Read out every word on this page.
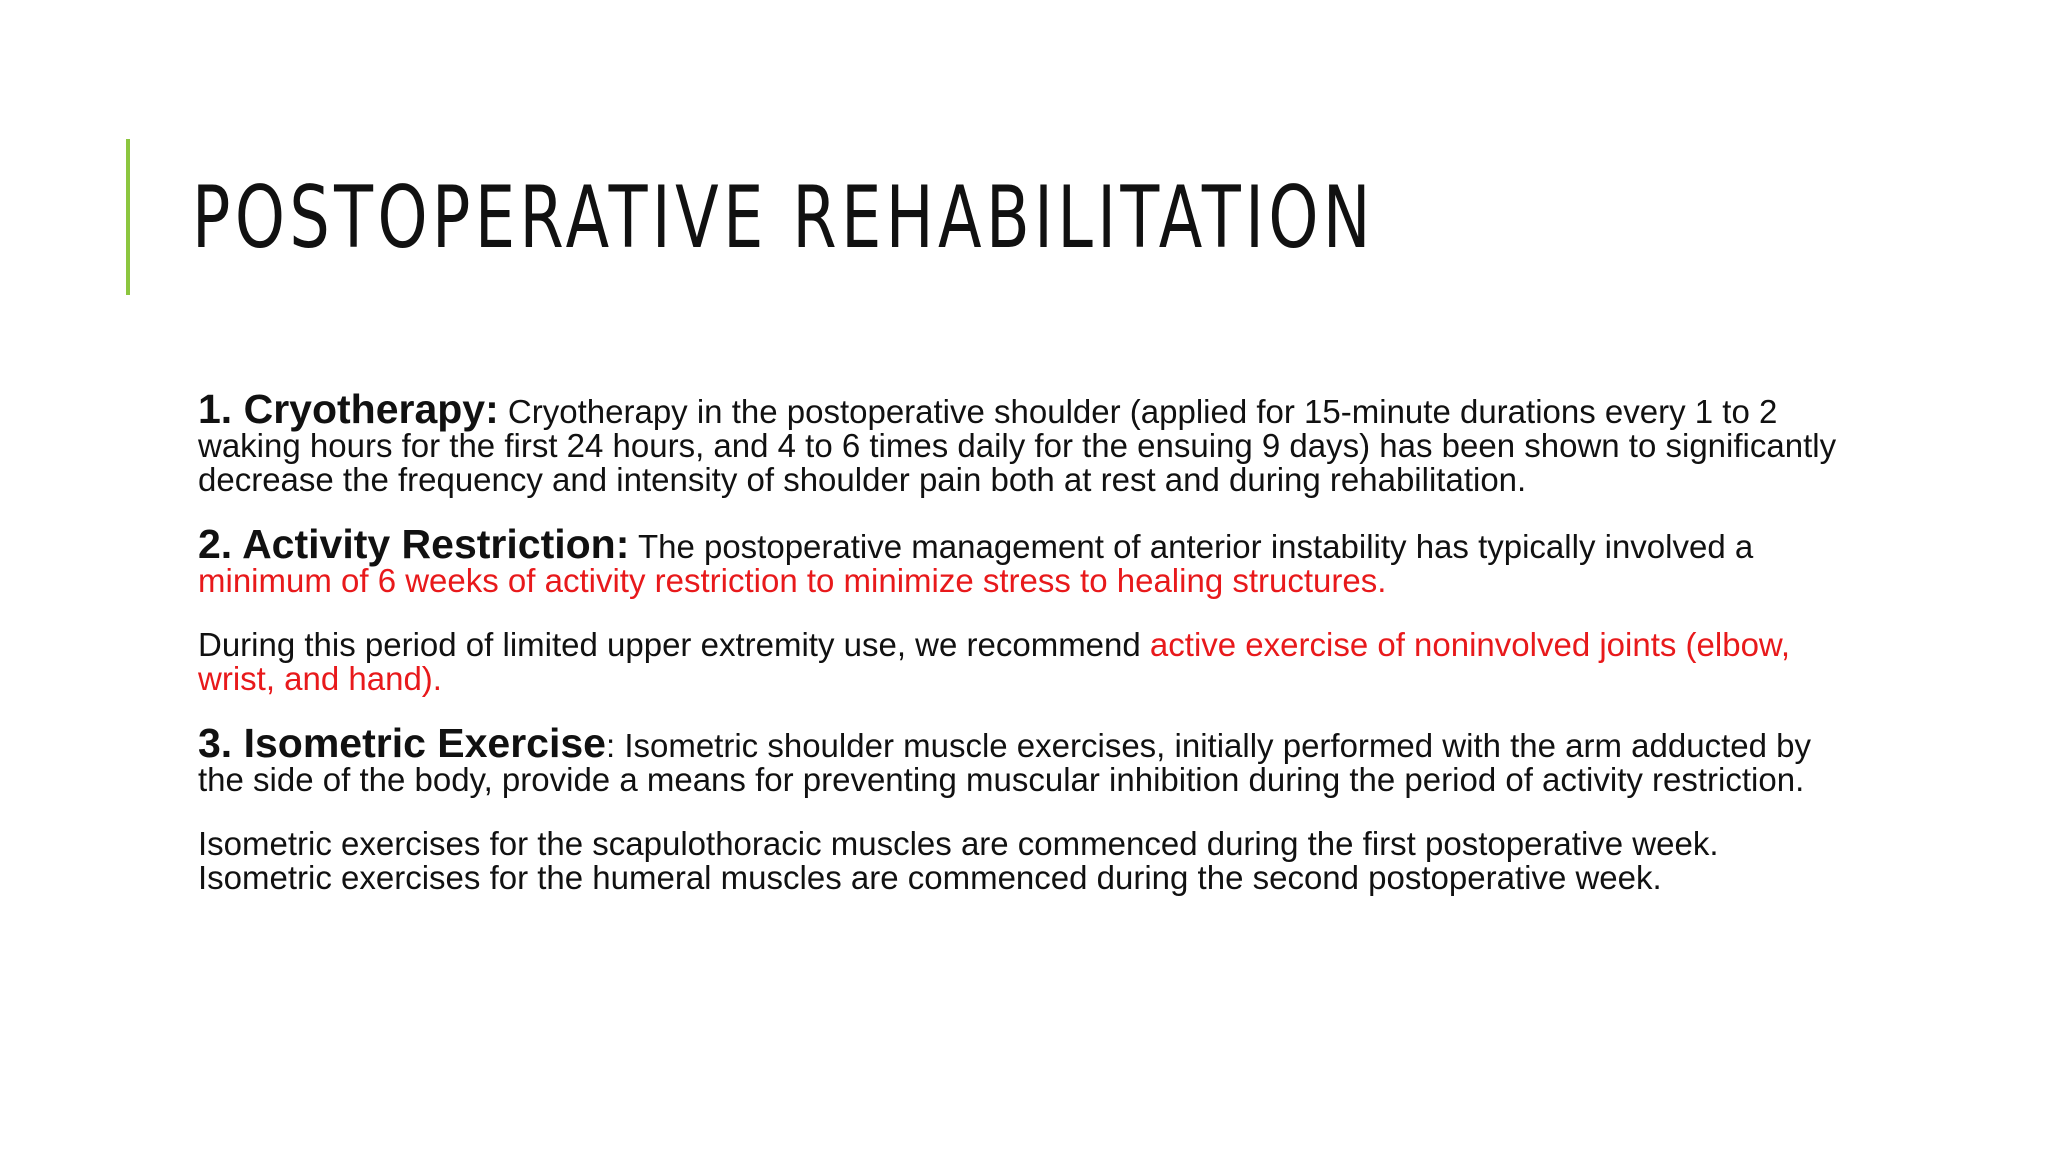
POSTOPERATIVE REHABILITATION

1. Cryotherapy: Cryotherapy in the postoperative shoulder (applied for 15-minute durations every 1 to 2 waking hours for the first 24 hours, and 4 to 6 times daily for the ensuing 9 days) has been shown to significantly decrease the frequency and intensity of shoulder pain both at rest and during rehabilitation.

2. Activity Restriction: The postoperative management of anterior instability has typically involved a minimum of 6 weeks of activity restriction to minimize stress to healing structures.

During this period of limited upper extremity use, we recommend active exercise of noninvolved joints (elbow, wrist, and hand).

3. Isometric Exercise: Isometric shoulder muscle exercises, initially performed with the arm adducted by the side of the body, provide a means for preventing muscular inhibition during the period of activity restriction.

Isometric exercises for the scapulothoracic muscles are commenced during the first postoperative week. Isometric exercises for the humeral muscles are commenced during the second postoperative week.
